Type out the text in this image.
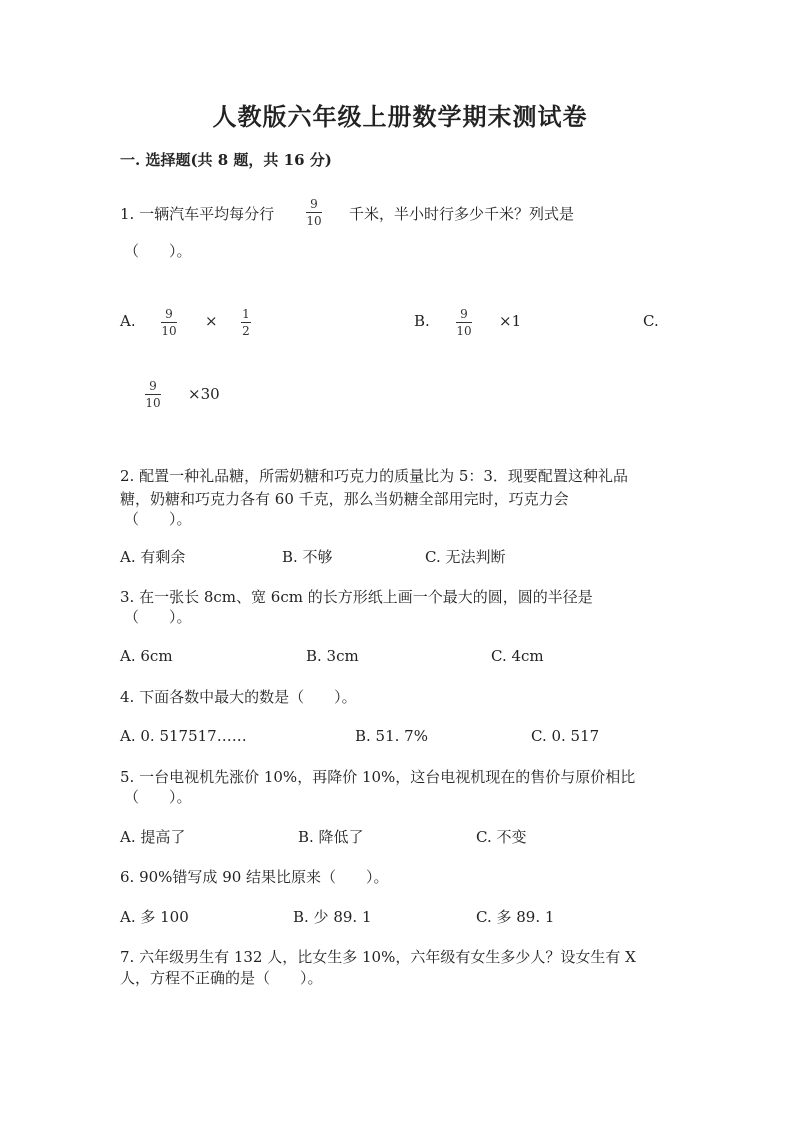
人教版六年级上册数学期末测试卷
一. 选择题(共 8 题，共 16 分)
1. 一辆汽车平均每分行
9
10 千米，半小时行多少千米？列式是
（　　）。
A. 9
10
× 1
2
B.	9
10
×1	C.
9
10 ×30
2. 配置一种礼品糖，所需奶糖和巧克力的质量比为 5：3．现要配置这种礼品
糖，奶糖和巧克力各有 60 千克，那么当奶糖全部用完时，巧克力会
（　　）。
A. 有剩余	B. 不够	C. 无法判断
3. 在一张长 8cm、宽 6cm 的长方形纸上画一个最大的圆，圆的半径是
（　　）。
A. 6cm	B. 3cm	C. 4cm
4. 下面各数中最大的数是（　　）。
A. 0. 517517……	B. 51. 7%	C. 0. 517
5. 一台电视机先涨价 10%，再降价 10%，这台电视机现在的售价与原价相比
（　　）。
A. 提高了	B. 降低了	C. 不变
6. 90%错写成 90 结果比原来（　　）。
A. 多 100	B. 少 89. 1	C. 多 89. 1
7. 六年级男生有 132 人，比女生多 10%，六年级有女生多少人？设女生有 X
人，方程不正确的是（　　）。
